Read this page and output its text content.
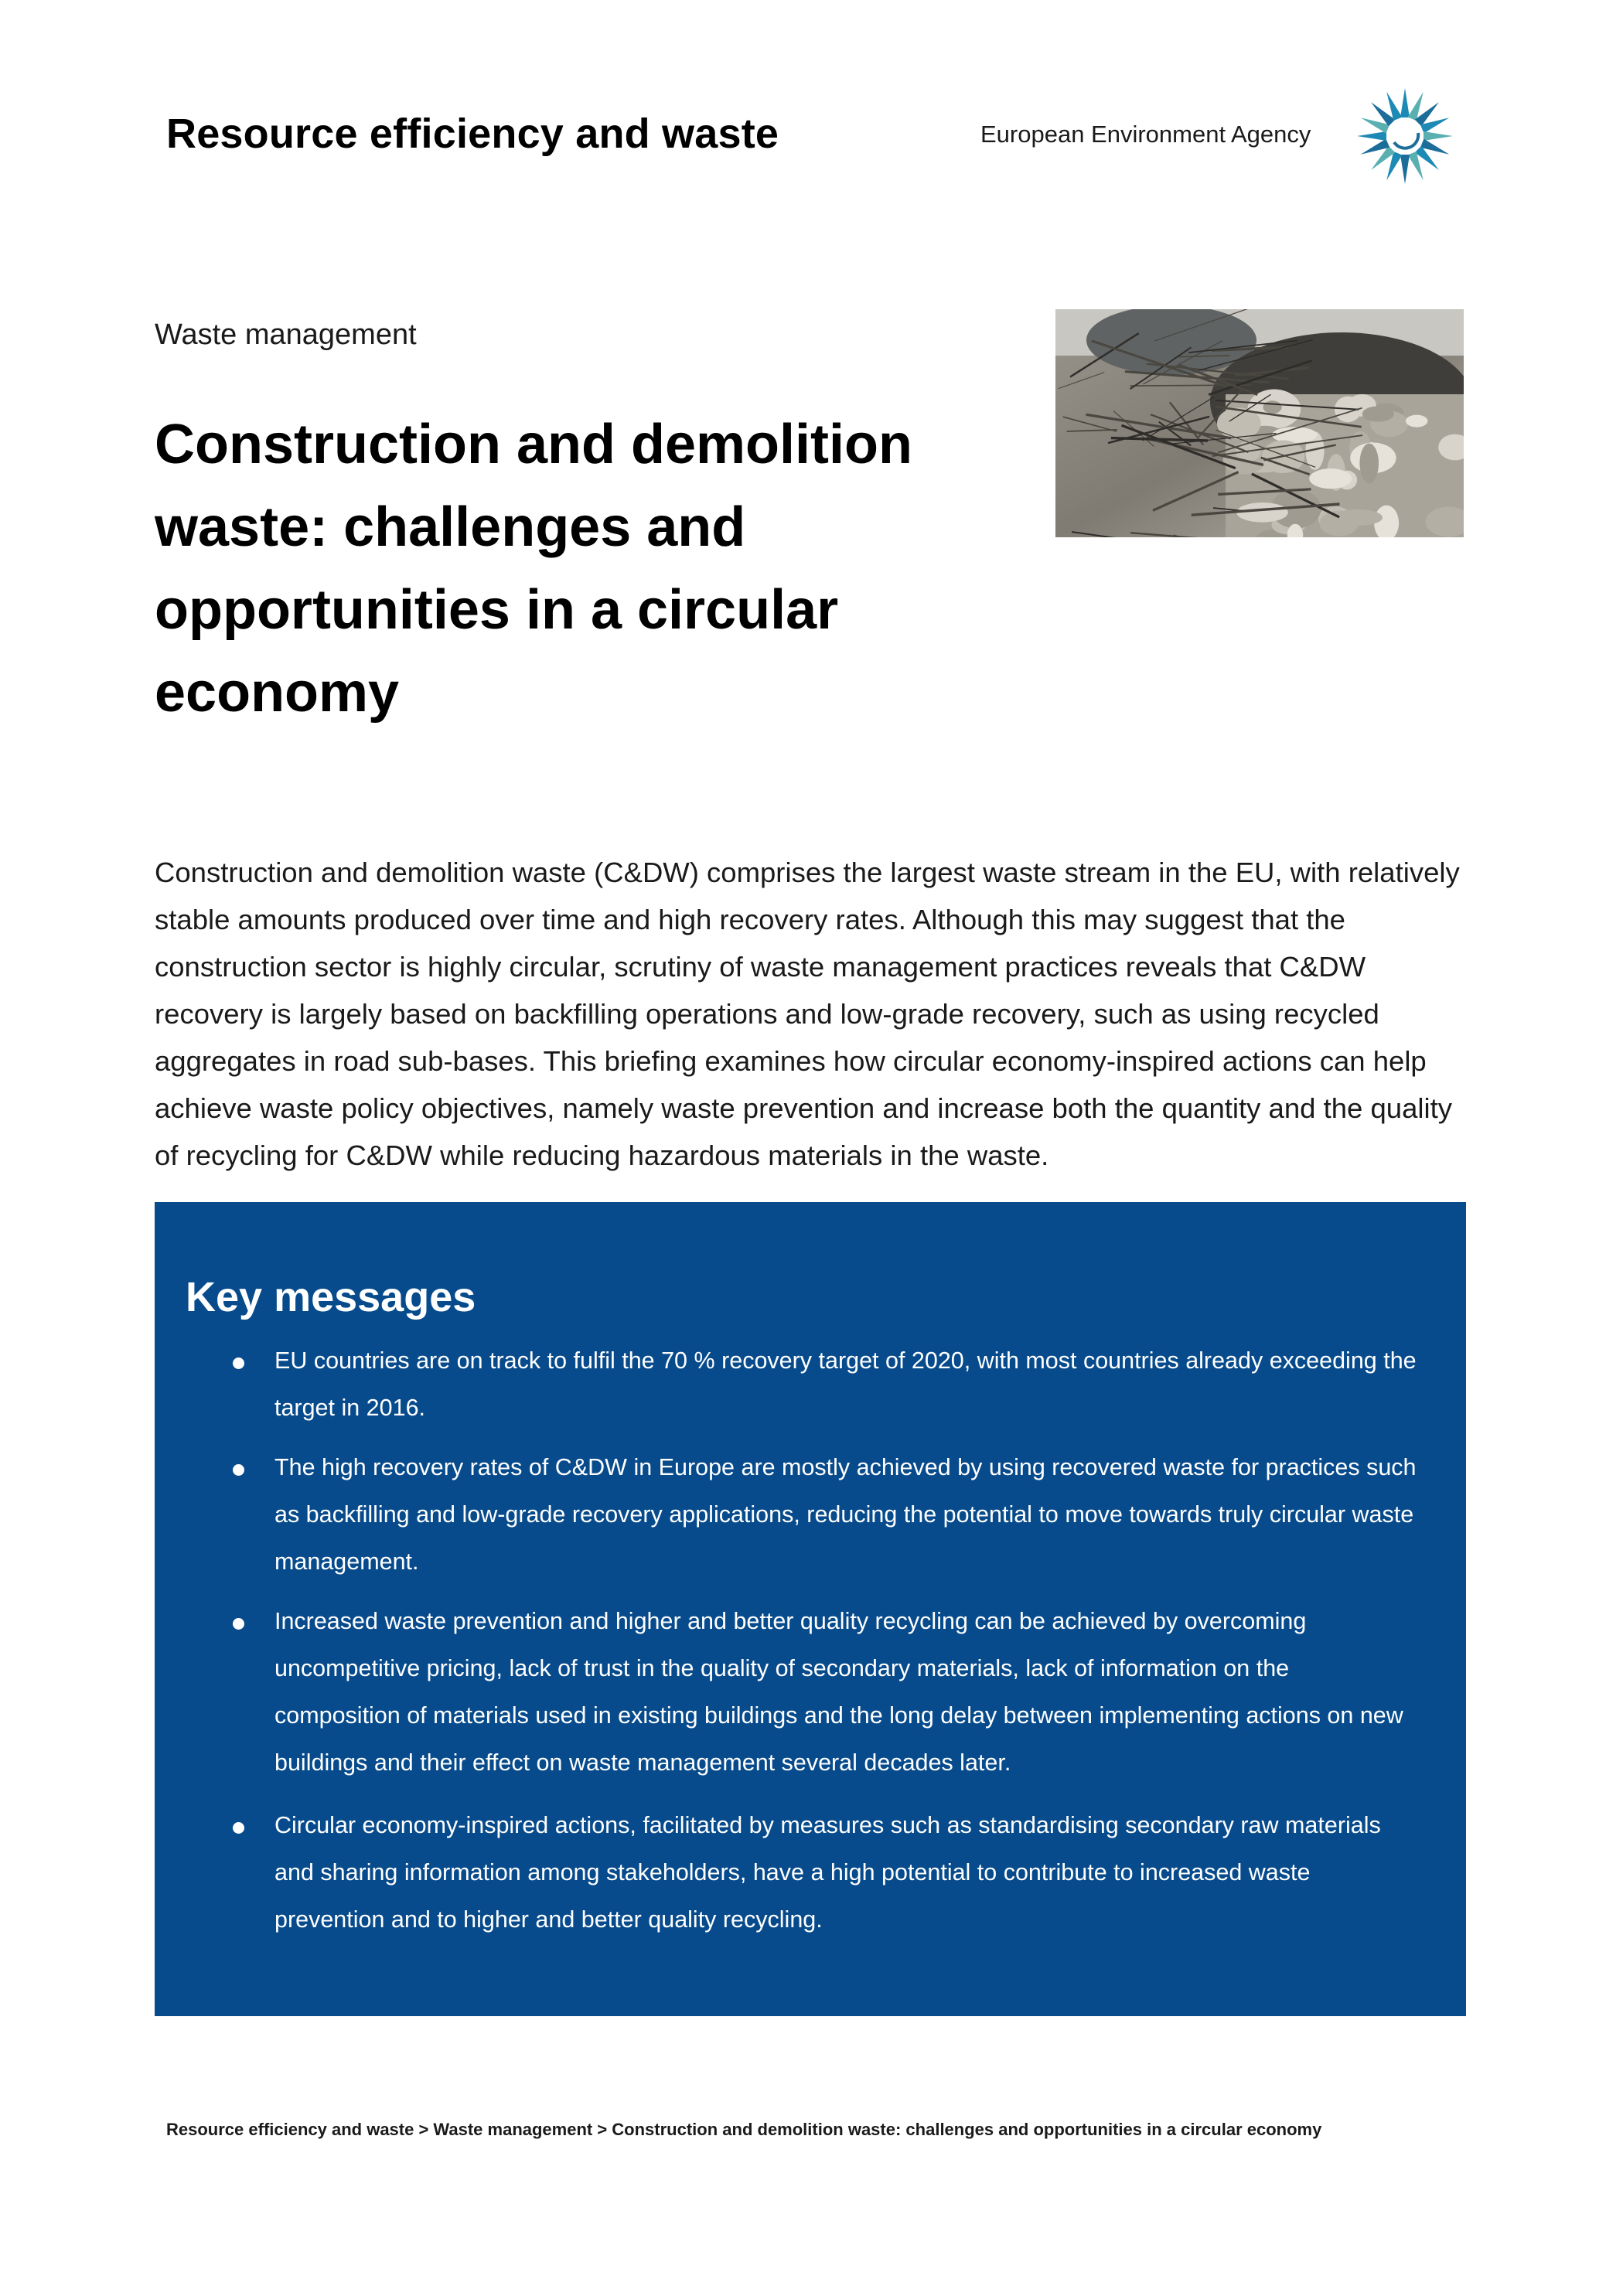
Resource efficiency and waste	European Environment Agency
Waste management
Construction and demolition waste: challenges and opportunities in a circular economy

Construction and demolition waste (C&DW) comprises the largest waste stream in the EU, with relatively stable amounts produced over time and high recovery rates. Although this may suggest that the construction sector is highly circular, scrutiny of waste management practices reveals that C&DW recovery is largely based on backfilling operations and low-grade recovery, such as using recycled aggregates in road sub-bases. This briefing examines how circular economy-inspired actions can help achieve waste policy objectives, namely waste prevention and increase both the quantity and the quality of recycling for C&DW while reducing hazardous materials in the waste.

Key messages
EU countries are on track to fulfil the 70 % recovery target of 2020, with most countries already exceeding the target in 2016.
The high recovery rates of C&DW in Europe are mostly achieved by using recovered waste for practices such as backfilling and low-grade recovery applications, reducing the potential to move towards truly circular waste management.
Increased waste prevention and higher and better quality recycling can be achieved by overcoming uncompetitive pricing, lack of trust in the quality of secondary materials, lack of information on the composition of materials used in existing buildings and the long delay between implementing actions on new buildings and their effect on waste management several decades later.
Circular economy-inspired actions, facilitated by measures such as standardising secondary raw materials and sharing information among stakeholders, have a high potential to contribute to increased waste prevention and to higher and better quality recycling.

Resource efficiency and waste > Waste management > Construction and demolition waste: challenges and opportunities in a circular economy
